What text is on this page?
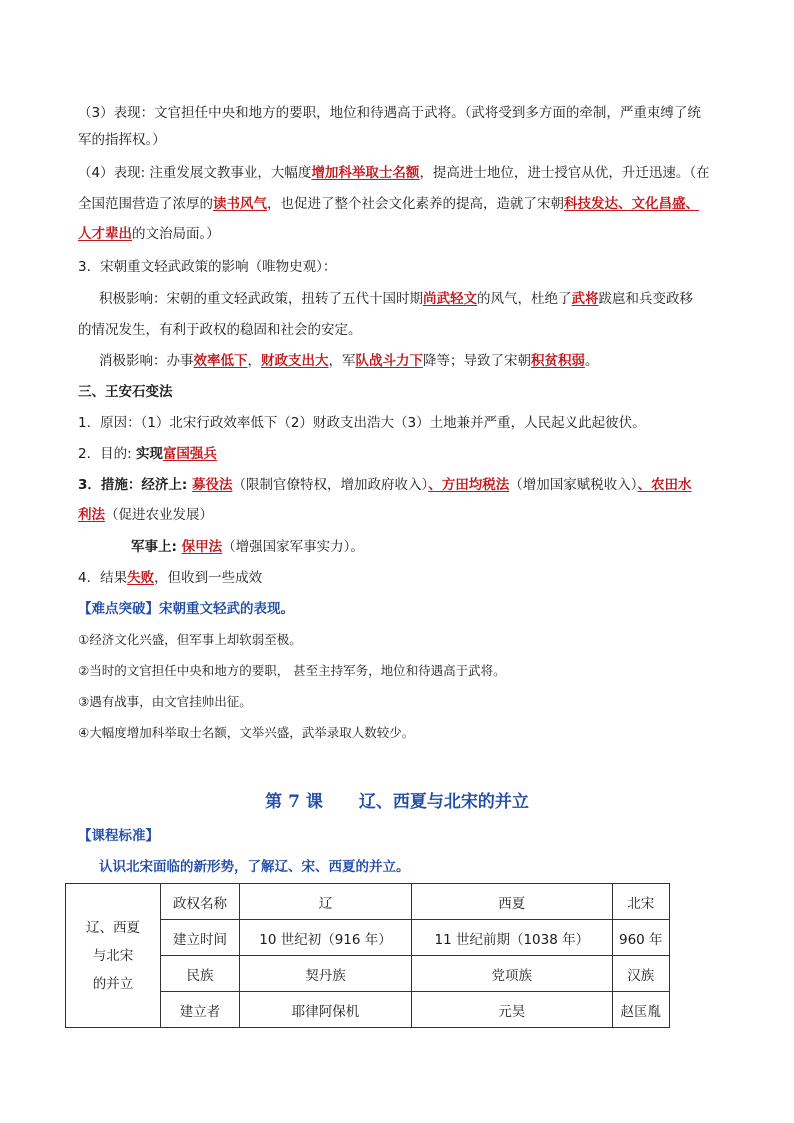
（3）表现：文官担任中央和地方的要职，地位和待遇高于武将。（武将受到多方面的牵制，严重束缚了统
军的指挥权。）
（4）表现: 注重发展文教事业，大幅度增加科举取士名额，提高进士地位，进士授官从优，升迁迅速。（在
全国范围营造了浓厚的读书风气，也促进了整个社会文化素养的提高，造就了宋朝科技发达、文化昌盛、
人才辈出的文治局面。）
3．宋朝重文轻武政策的影响（唯物史观）：
积极影响：宋朝的重文轻武政策，扭转了五代十国时期尚武轻文的风气，杜绝了武将跋扈和兵变政移
的情况发生，有利于政权的稳固和社会的安定。
消极影响：办事效率低下，财政支出大，军队战斗力下降等；导致了宋朝积贫积弱。
三、王安石变法
1．原因：（1）北宋行政效率低下（2）财政支出浩大（3）土地兼并严重，人民起义此起彼伏。
2．目的: 实现富国强兵
3．措施：经济上: 募役法（限制官僚特权，增加政府收入）、方田均税法（增加国家赋税收入）、农田水
利法（促进农业发展）
军事上: 保甲法（增强国家军事实力）。
4．结果失败，但收到一些成效
【难点突破】宋朝重文轻武的表现。
①经济文化兴盛，但军事上却软弱至极。
②当时的文官担任中央和地方的要职， 甚至主持军务，地位和待遇高于武将。
③遇有战事，由文官挂帅出征。
④大幅度增加科举取士名额，文举兴盛，武举录取人数较少。
第 7 课 辽、西夏与北宋的并立
【课程标准】
认识北宋面临的新形势，了解辽、宋、西夏的并立。
辽、西夏
与北宋
的并立	政权名称	辽	西夏	北宋
	建立时间	10 世纪初（916 年）	11 世纪前期（1038 年）	960 年
	民族	契丹族	党项族	汉族
	建立者	耶律阿保机	元昊	赵匡胤
